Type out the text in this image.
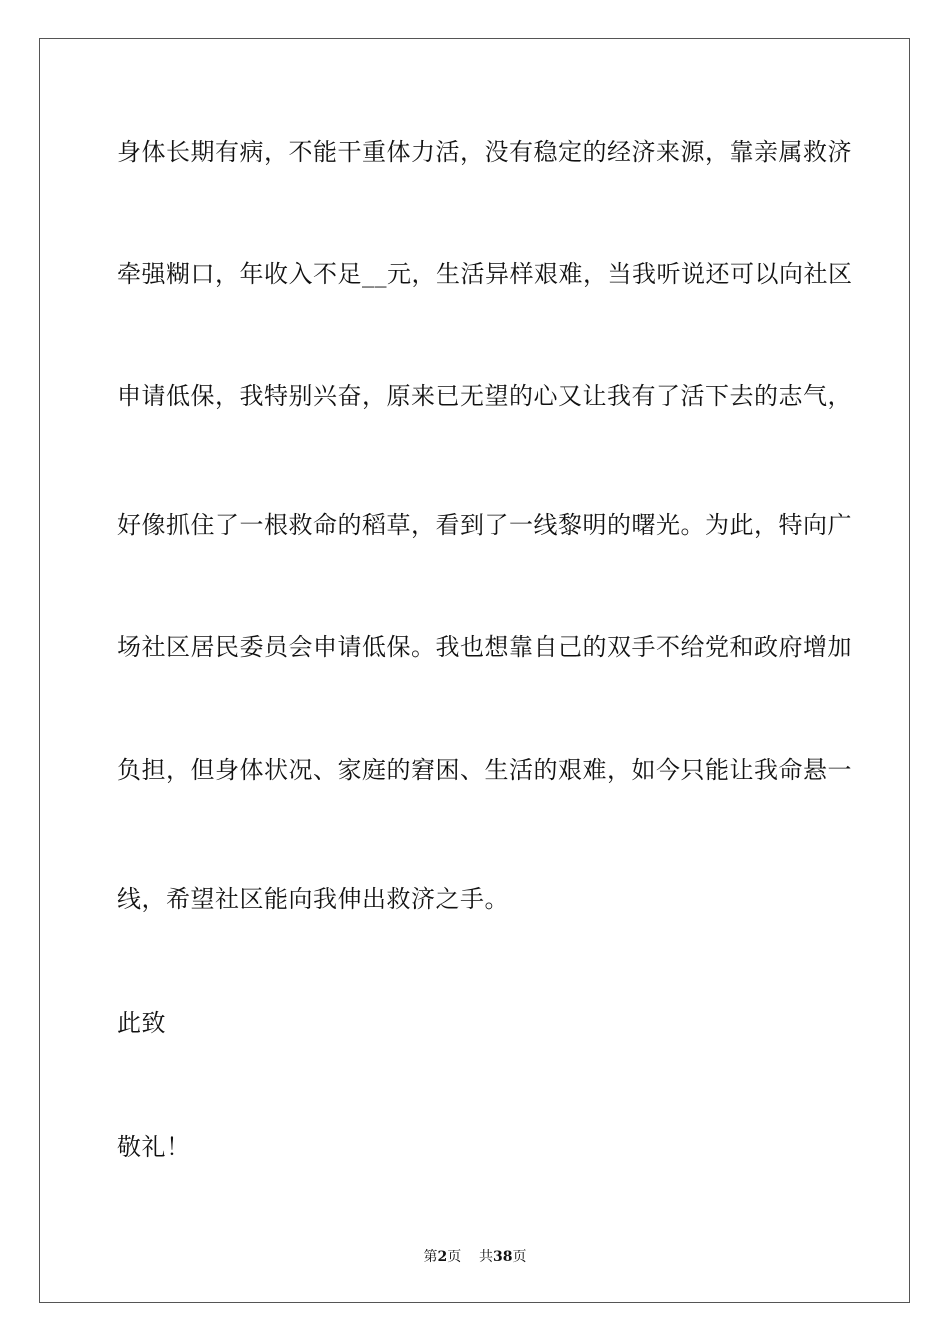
身体长期有病，不能干重体力活，没有稳定的经济来源，靠亲属救济
牵强糊口，年收入不足__元，生活异样艰难，当我听说还可以向社区
申请低保，我特别兴奋，原来已无望的心又让我有了活下去的志气，
好像抓住了一根救命的稻草，看到了一线黎明的曙光。为此，特向广
场社区居民委员会申请低保。我也想靠自己的双手不给党和政府增加
负担，但身体状况、家庭的窘困、生活的艰难，如今只能让我命悬一
线，希望社区能向我伸出救济之手。
此致
敬礼！
第2页 共38页
